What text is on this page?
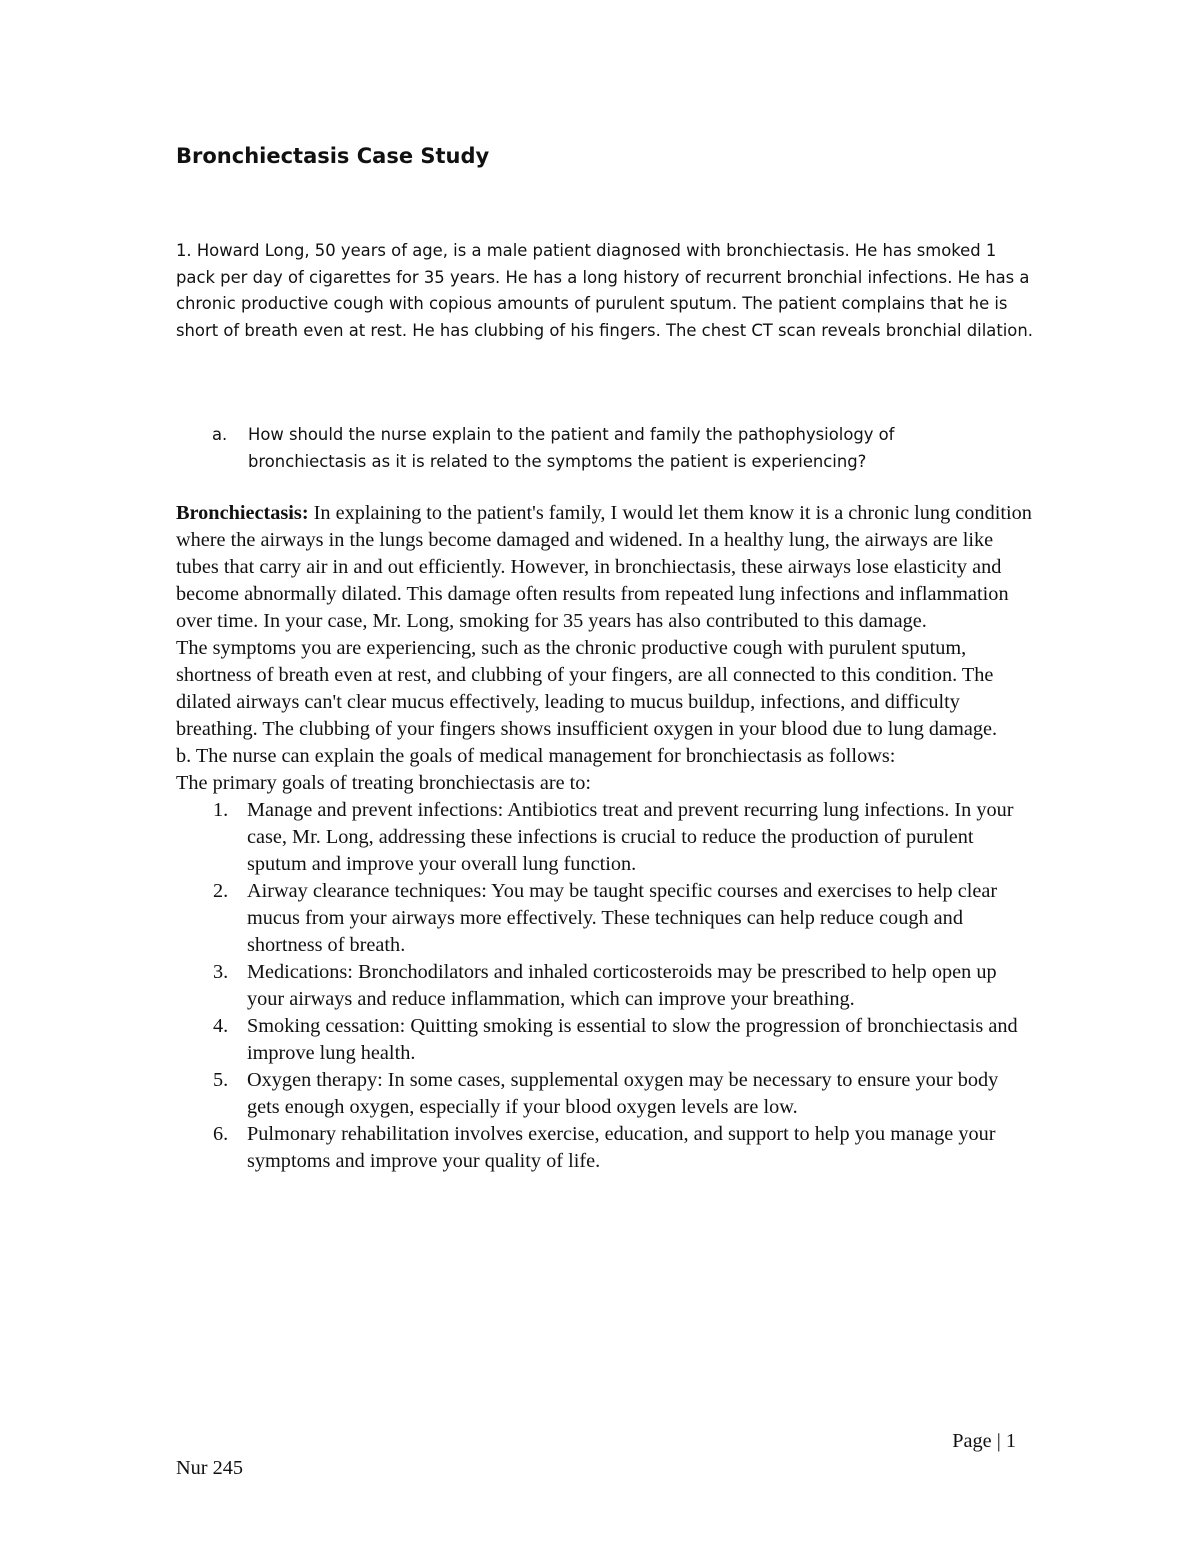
Bronchiectasis Case Study

1. Howard Long, 50 years of age, is a male patient diagnosed with bronchiectasis. He has smoked 1 pack per day of cigarettes for 35 years. He has a long history of recurrent bronchial infections. He has a chronic productive cough with copious amounts of purulent sputum. The patient complains that he is short of breath even at rest. He has clubbing of his fingers. The chest CT scan reveals bronchial dilation.

a.	How should the nurse explain to the patient and family the pathophysiology of bronchiectasis as it is related to the symptoms the patient is experiencing?

Bronchiectasis: In explaining to the patient's family, I would let them know it is a chronic lung condition where the airways in the lungs become damaged and widened. In a healthy lung, the airways are like tubes that carry air in and out efficiently. However, in bronchiectasis, these airways lose elasticity and become abnormally dilated. This damage often results from repeated lung infections and inflammation over time. In your case, Mr. Long, smoking for 35 years has also contributed to this damage.

The symptoms you are experiencing, such as the chronic productive cough with purulent sputum, shortness of breath even at rest, and clubbing of your fingers, are all connected to this condition. The dilated airways can't clear mucus effectively, leading to mucus buildup, infections, and difficulty breathing. The clubbing of your fingers shows insufficient oxygen in your blood due to lung damage.

b. The nurse can explain the goals of medical management for bronchiectasis as follows:

The primary goals of treating bronchiectasis are to:

1. Manage and prevent infections: Antibiotics treat and prevent recurring lung infections. In your case, Mr. Long, addressing these infections is crucial to reduce the production of purulent sputum and improve your overall lung function.
2. Airway clearance techniques: You may be taught specific courses and exercises to help clear mucus from your airways more effectively. These techniques can help reduce cough and shortness of breath.
3. Medications: Bronchodilators and inhaled corticosteroids may be prescribed to help open up your airways and reduce inflammation, which can improve your breathing.
4. Smoking cessation: Quitting smoking is essential to slow the progression of bronchiectasis and improve lung health.
5. Oxygen therapy: In some cases, supplemental oxygen may be necessary to ensure your body gets enough oxygen, especially if your blood oxygen levels are low.
6. Pulmonary rehabilitation involves exercise, education, and support to help you manage your symptoms and improve your quality of life.
Page | 1
Nur 245
